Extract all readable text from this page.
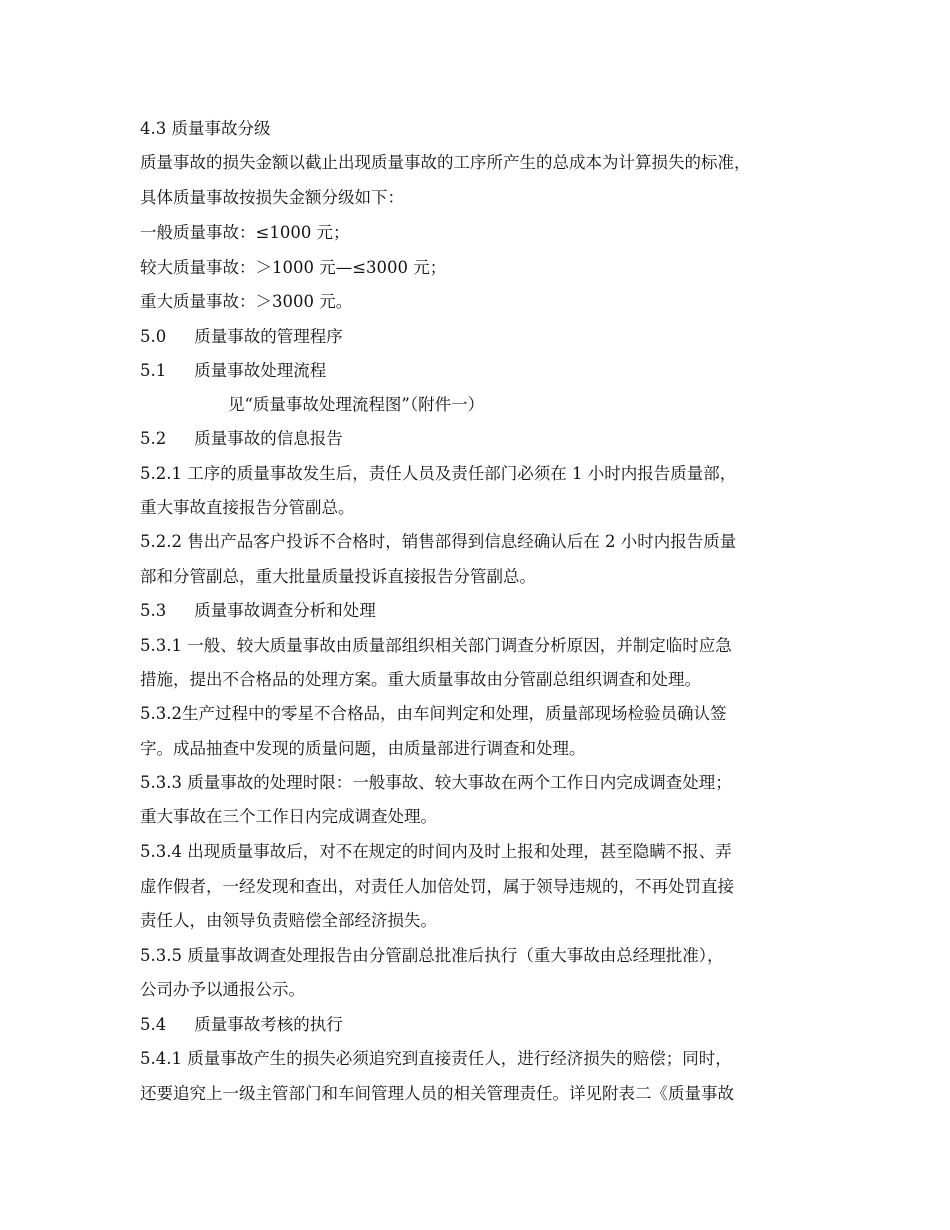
4.3 质量事故分级
质量事故的损失金额以截止出现质量事故的工序所产生的总成本为计算损失的标准，
具体质量事故按损失金额分级如下：
一般质量事故：≤1000 元；
较大质量事故：＞1000 元—≤3000 元；
重大质量事故：＞3000 元。
5.0 质量事故的管理程序
5.1 质量事故处理流程
见“质量事故处理流程图”（附件一）
5.2 质量事故的信息报告
5.2.1 工序的质量事故发生后，责任人员及责任部门必须在 1 小时内报告质量部，
重大事故直接报告分管副总。
5.2.2 售出产品客户投诉不合格时，销售部得到信息经确认后在 2 小时内报告质量
部和分管副总，重大批量质量投诉直接报告分管副总。
5.3 质量事故调查分析和处理
5.3.1 一般、较大质量事故由质量部组织相关部门调查分析原因，并制定临时应急
措施，提出不合格品的处理方案。重大质量事故由分管副总组织调查和处理。
5.3.2生产过程中的零星不合格品，由车间判定和处理，质量部现场检验员确认签
字。成品抽查中发现的质量问题，由质量部进行调查和处理。
5.3.3 质量事故的处理时限：一般事故、较大事故在两个工作日内完成调查处理；
重大事故在三个工作日内完成调查处理。
5.3.4 出现质量事故后，对不在规定的时间内及时上报和处理，甚至隐瞒不报、弄
虚作假者，一经发现和查出，对责任人加倍处罚，属于领导违规的，不再处罚直接
责任人，由领导负责赔偿全部经济损失。
5.3.5 质量事故调查处理报告由分管副总批准后执行（重大事故由总经理批准），
公司办予以通报公示。
5.4 质量事故考核的执行
5.4.1 质量事故产生的损失必须追究到直接责任人，进行经济损失的赔偿；同时，
还要追究上一级主管部门和车间管理人员的相关管理责任。详见附表二《质量事故
